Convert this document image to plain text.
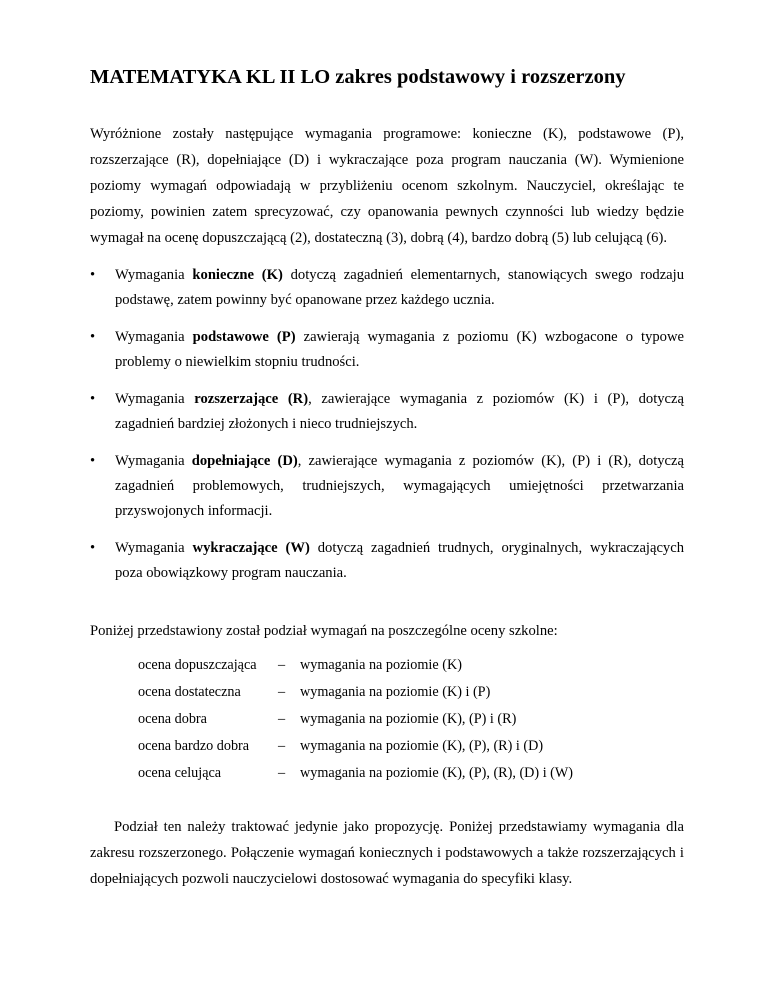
MATEMATYKA KL II LO zakres podstawowy i rozszerzony

Wyróżnione zostały następujące wymagania programowe: konieczne (K), podstawowe (P), rozszerzające (R), dopełniające (D) i wykraczające poza program nauczania (W). Wymienione poziomy wymagań odpowiadają w przybliżeniu ocenom szkolnym. Nauczyciel, określając te poziomy, powinien zatem sprecyzować, czy opanowania pewnych czynności lub wiedzy będzie wymagał na ocenę dopuszczającą (2), dostateczną (3), dobrą (4), bardzo dobrą (5) lub celującą (6).

• Wymagania konieczne (K) dotyczą zagadnień elementarnych, stanowiących swego rodzaju podstawę, zatem powinny być opanowane przez każdego ucznia.
• Wymagania podstawowe (P) zawierają wymagania z poziomu (K) wzbogacone o typowe problemy o niewielkim stopniu trudności.
• Wymagania rozszerzające (R), zawierające wymagania z poziomów (K) i (P), dotyczą zagadnień bardziej złożonych i nieco trudniejszych.
• Wymagania dopełniające (D), zawierające wymagania z poziomów (K), (P) i (R), dotyczą zagadnień problemowych, trudniejszych, wymagających umiejętności przetwarzania przyswojonych informacji.
• Wymagania wykraczające (W) dotyczą zagadnień trudnych, oryginalnych, wykraczających poza obowiązkowy program nauczania.

Poniżej przedstawiony został podział wymagań na poszczególne oceny szkolne:

ocena dopuszczająca	–	wymagania na poziomie (K)
ocena dostateczna	–	wymagania na poziomie (K) i (P)
ocena dobra	–	wymagania na poziomie (K), (P) i (R)
ocena bardzo dobra	–	wymagania na poziomie (K), (P), (R) i (D)
ocena celująca	–	wymagania na poziomie (K), (P), (R), (D) i (W)

Podział ten należy traktować jedynie jako propozycję. Poniżej przedstawiamy wymagania dla zakresu rozszerzonego. Połączenie wymagań koniecznych i podstawowych a także rozszerzających i dopełniających pozwoli nauczycielowi dostosować wymagania do specyfiki klasy.
